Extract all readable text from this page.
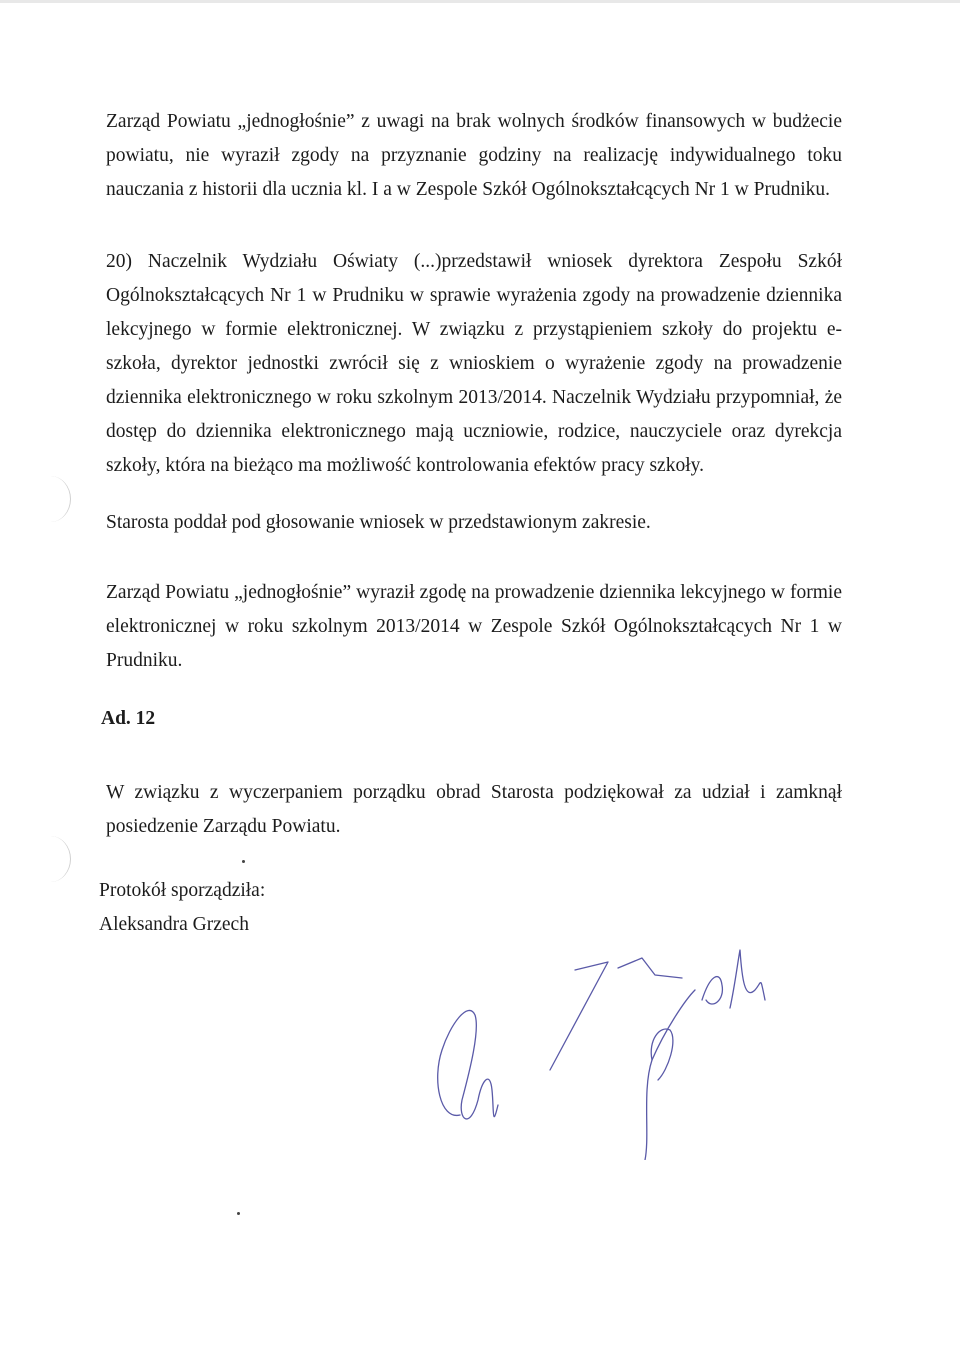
Zarząd Powiatu „jednogłośnie” z uwagi na brak wolnych środków finansowych w budżecie powiatu, nie wyraził zgody na przyznanie godziny na realizację indywidualnego toku nauczania z historii dla ucznia kl. I a w Zespole Szkół Ogólnokształcących Nr 1 w Prudniku.

20) Naczelnik Wydziału Oświaty (...)przedstawił wniosek dyrektora Zespołu Szkół Ogólnokształcących Nr 1 w Prudniku w sprawie wyrażenia zgody na prowadzenie dziennika lekcyjnego w formie elektronicznej. W związku z przystąpieniem szkoły do projektu e-szkoła, dyrektor jednostki zwrócił się z wnioskiem o wyrażenie zgody na prowadzenie dziennika elektronicznego w roku szkolnym 2013/2014. Naczelnik Wydziału przypomniał, że dostęp do dziennika elektronicznego mają uczniowie, rodzice, nauczyciele oraz dyrekcja szkoły, która na bieżąco ma możliwość kontrolowania efektów pracy szkoły.

Starosta poddał pod głosowanie wniosek w przedstawionym zakresie.

Zarząd Powiatu „jednogłośnie” wyraził zgodę na prowadzenie dziennika lekcyjnego w formie elektronicznej w roku szkolnym 2013/2014 w Zespole Szkół Ogólnokształcących Nr 1 w Prudniku.

Ad. 12

W związku z wyczerpaniem porządku obrad Starosta podziękował za udział i zamknął posiedzenie Zarządu Powiatu.

Protokół sporządziła:
Aleksandra Grzech
